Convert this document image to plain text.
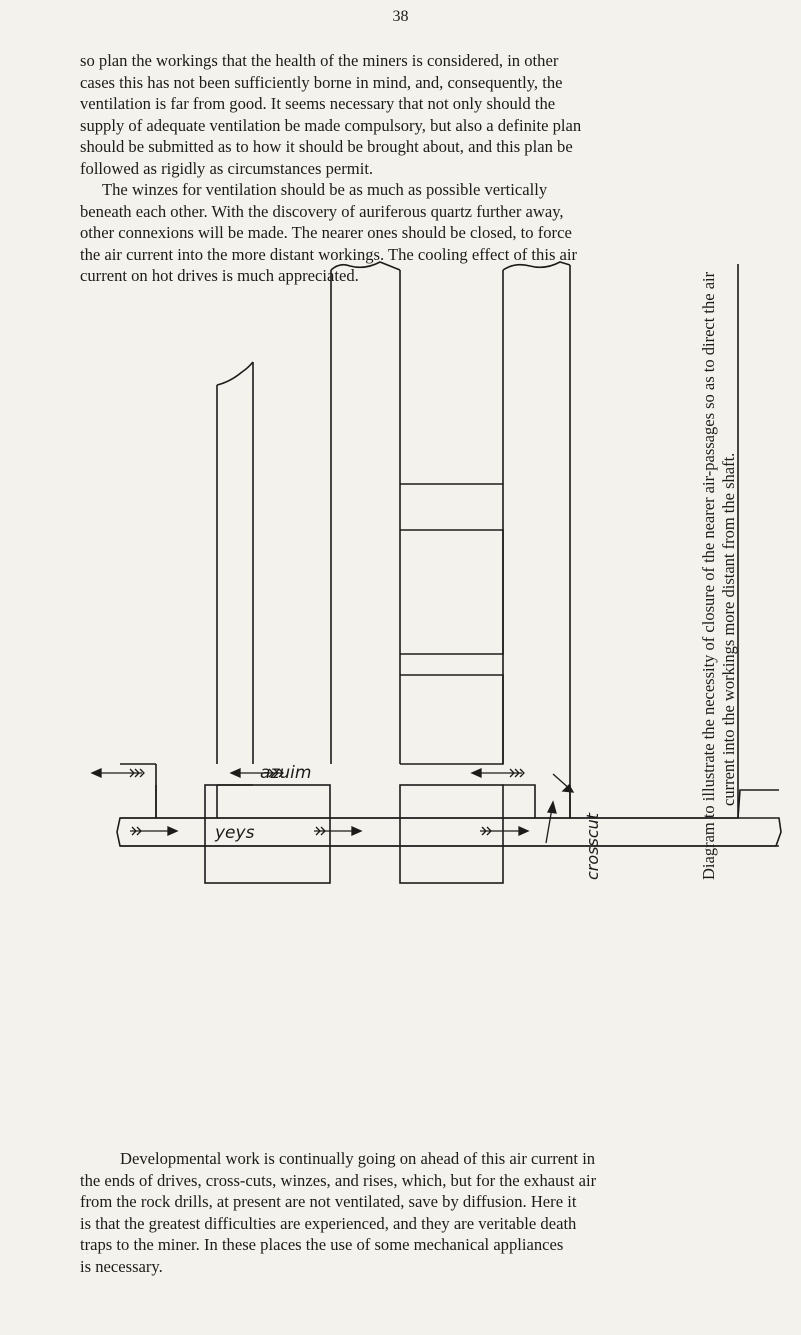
38
so plan the workings that the health of the miners is considered, in other
cases this has not been sufficiently borne in mind, and, consequently, the
ventilation is far from good. It seems necessary that not only should the
supply of adequate ventilation be made compulsory, but also a definite plan
should be submitted as to how it should be brought about, and this plan be
followed as rigidly as circumstances permit.
The winzes for ventilation should be as much as possible vertically
beneath each other. With the discovery of auriferous quartz further away,
other connexions will be made. The nearer ones should be closed, to force
the air current into the more distant workings. The cooling effect of this air
current on hot drives is much appreciated.
azuim
yeys	crosscut	Diagram to illustrate the necessity of closure of the nearer air-passages so as to direct the air current into the workings more distant from the shaft.
Developmental work is continually going on ahead of this air current in
the ends of drives, cross-cuts, winzes, and rises, which, but for the exhaust air
from the rock drills, at present are not ventilated, save by diffusion. Here it
is that the greatest difficulties are experienced, and they are veritable death
traps to the miner. In these places the use of some mechanical appliances
is necessary.
